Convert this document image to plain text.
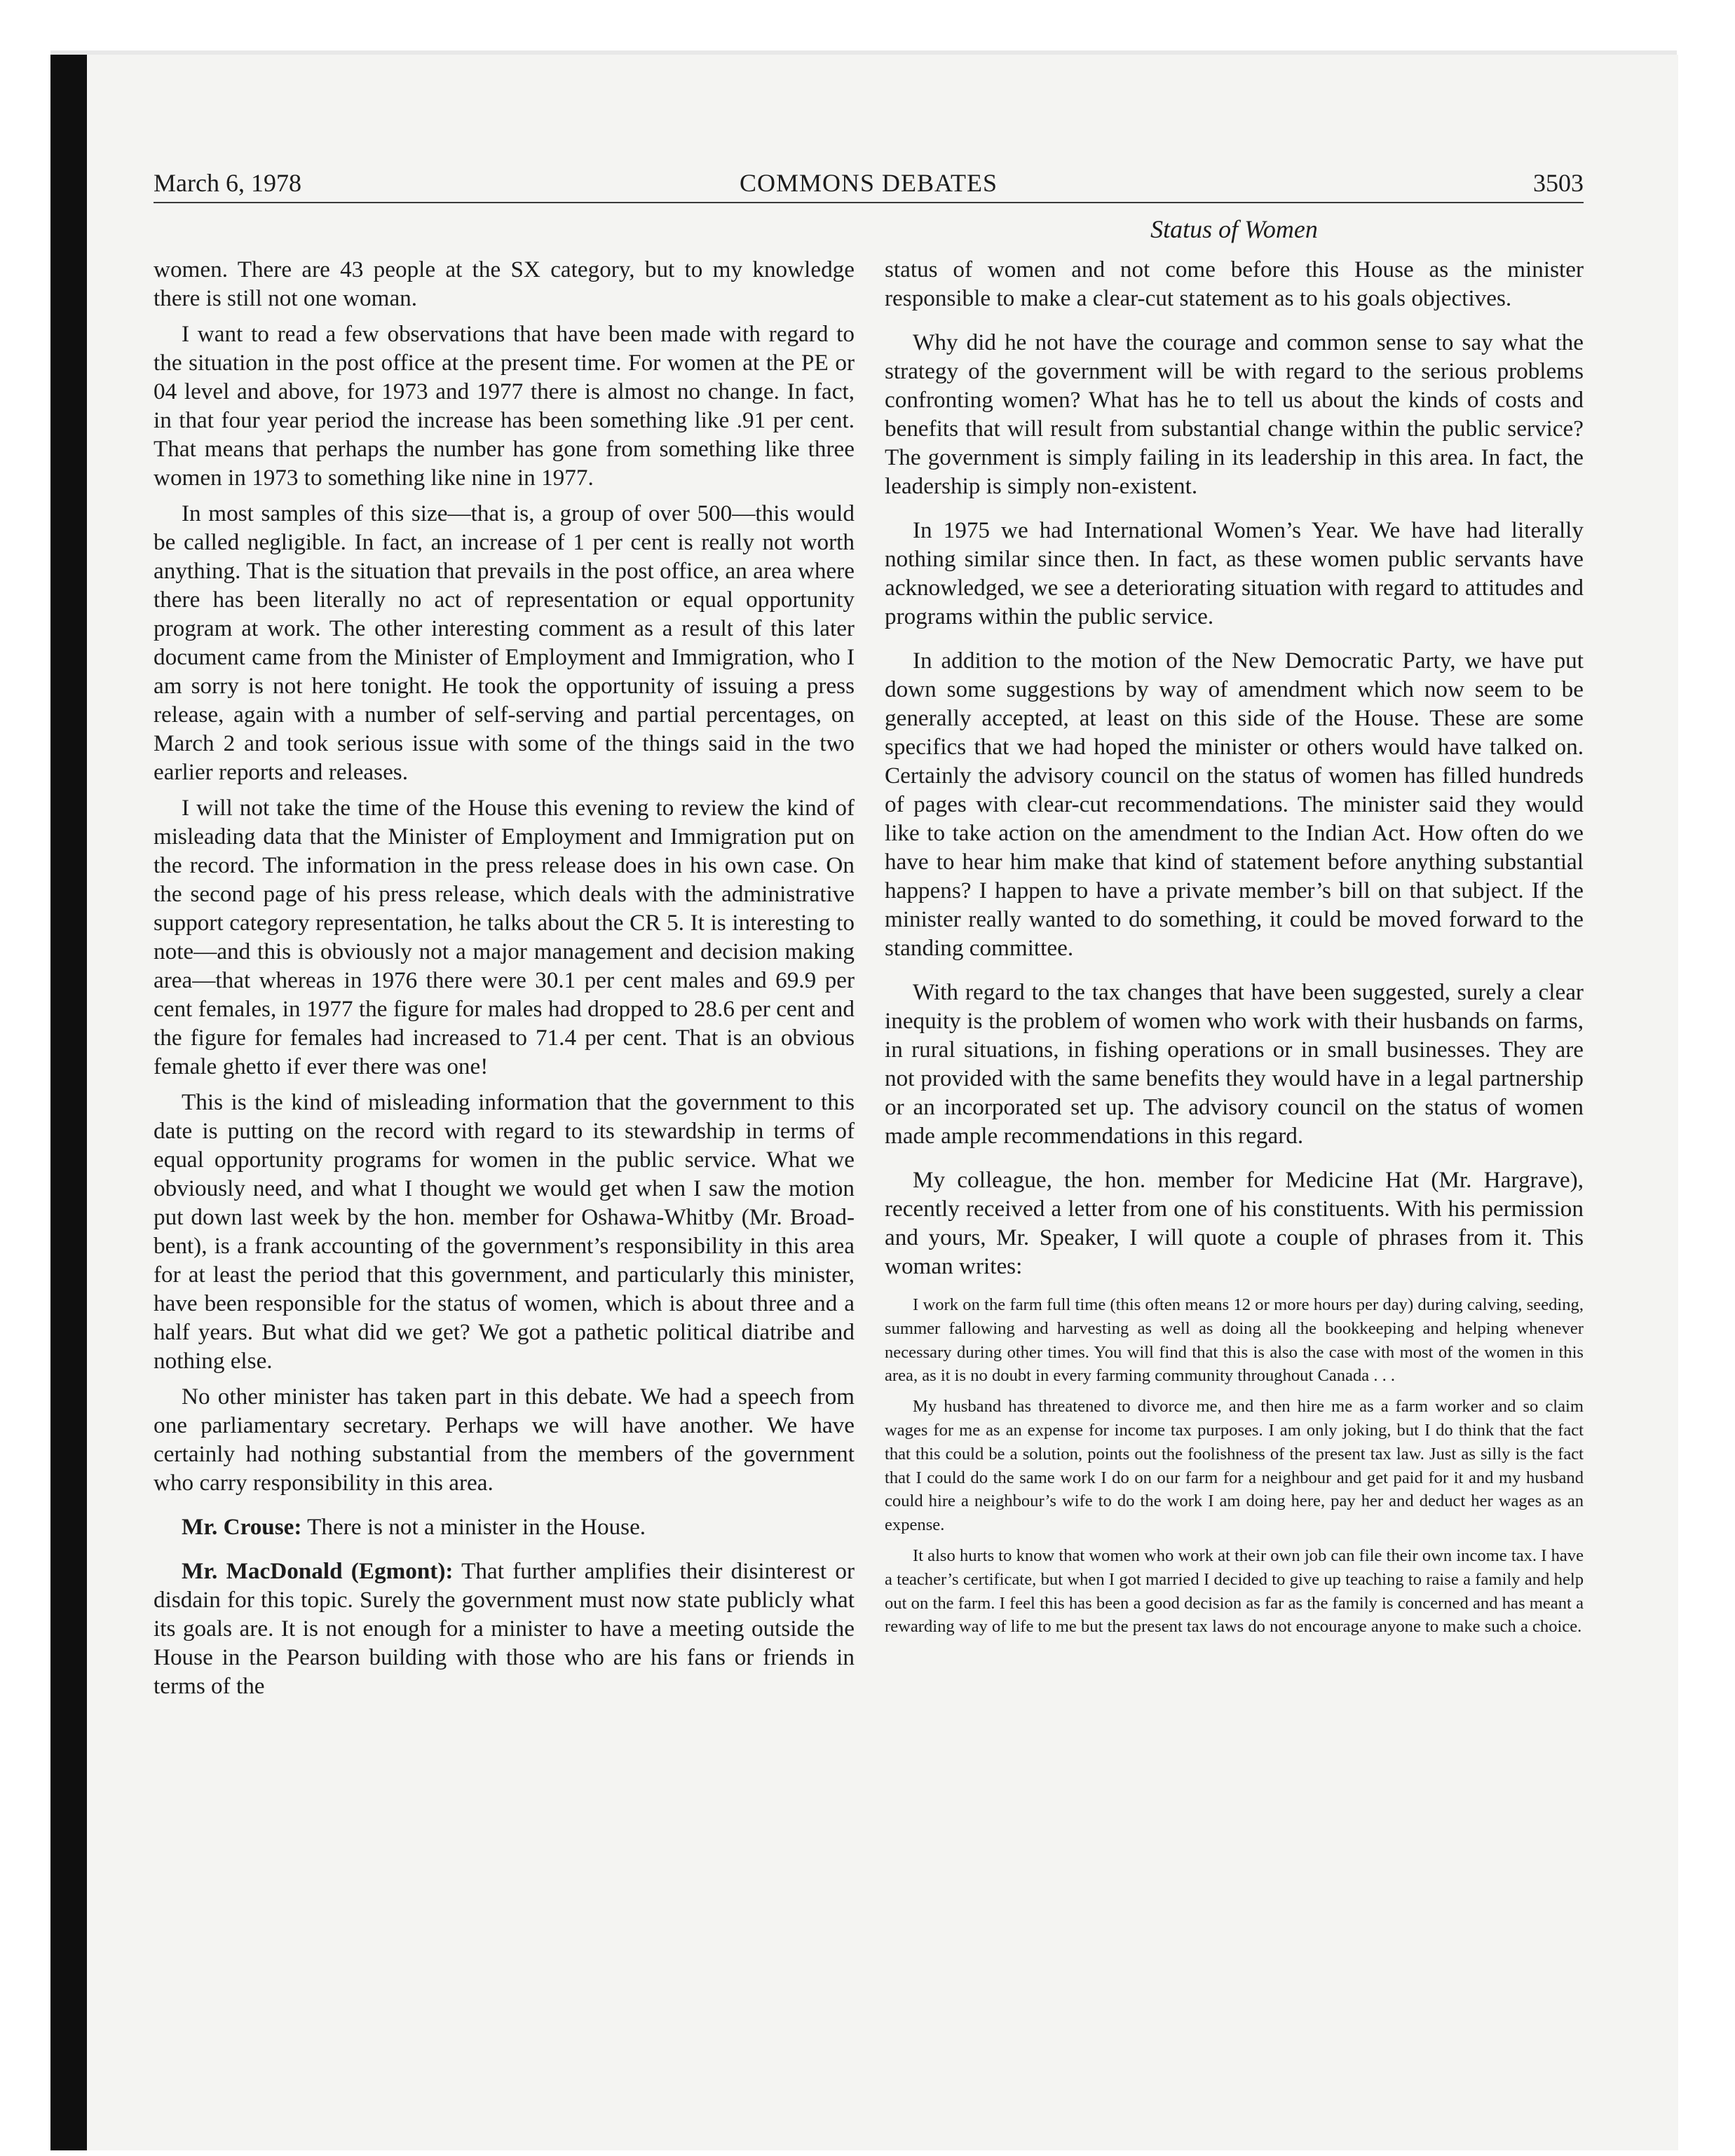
March 6, 1978	COMMONS DEBATES	3503
Status of Women

women. There are 43 people at the SX category, but to my knowledge there is still not one woman.

I want to read a few observations that have been made with regard to the situation in the post office at the present time. For women at the PE or 04 level and above, for 1973 and 1977 there is almost no change. In fact, in that four year period the increase has been something like .91 per cent. That means that perhaps the number has gone from something like three women in 1973 to something like nine in 1977.

In most samples of this size—that is, a group of over 500—this would be called negligible. In fact, an increase of 1 per cent is really not worth anything. That is the situation that prevails in the post office, an area where there has been literally no act of representation or equal opportunity program at work. The other interesting comment as a result of this later document came from the Minister of Employment and Immigration, who I am sorry is not here tonight. He took the opportunity of issuing a press release, again with a number of self-serving and partial percentages, on March 2 and took serious issue with some of the things said in the two earlier reports and releases.

I will not take the time of the House this evening to review the kind of misleading data that the Minister of Employment and Immigration put on the record. The information in the press release does in his own case. On the second page of his press release, which deals with the administrative support category representation, he talks about the CR 5. It is interesting to note—and this is obviously not a major management and decision making area—that whereas in 1976 there were 30.1 per cent males and 69.9 per cent females, in 1977 the figure for males had dropped to 28.6 per cent and the figure for females had increased to 71.4 per cent. That is an obvious female ghetto if ever there was one!

This is the kind of misleading information that the government to this date is putting on the record with regard to its stewardship in terms of equal opportunity programs for women in the public service. What we obviously need, and what I thought we would get when I saw the motion put down last week by the hon. member for Oshawa-Whitby (Mr. Broadbent), is a frank accounting of the government’s responsibility in this area for at least the period that this government, and particularly this minister, have been responsible for the status of women, which is about three and a half years. But what did we get? We got a pathetic political diatribe and nothing else.

No other minister has taken part in this debate. We had a speech from one parliamentary secretary. Perhaps we will have another. We have certainly had nothing substantial from the members of the government who carry responsibility in this area.

Mr. Crouse: There is not a minister in the House.

Mr. MacDonald (Egmont): That further amplifies their disinterest or disdain for this topic. Surely the government must now state publicly what its goals are. It is not enough for a minister to have a meeting outside the House in the Pearson building with those who are his fans or friends in terms of the

status of women and not come before this House as the minister responsible to make a clear-cut statement as to his goals objectives.

Why did he not have the courage and common sense to say what the strategy of the government will be with regard to the serious problems confronting women? What has he to tell us about the kinds of costs and benefits that will result from substantial change within the public service? The government is simply failing in its leadership in this area. In fact, the leadership is simply non-existent.

In 1975 we had International Women’s Year. We have had literally nothing similar since then. In fact, as these women public servants have acknowledged, we see a deteriorating situation with regard to attitudes and programs within the public service.

In addition to the motion of the New Democratic Party, we have put down some suggestions by way of amendment which now seem to be generally accepted, at least on this side of the House. These are some specifics that we had hoped the minister or others would have talked on. Certainly the advisory council on the status of women has filled hundreds of pages with clear-cut recommendations. The minister said they would like to take action on the amendment to the Indian Act. How often do we have to hear him make that kind of statement before anything substantial happens? I happen to have a private member’s bill on that subject. If the minister really wanted to do something, it could be moved forward to the standing committee.

With regard to the tax changes that have been suggested, surely a clear inequity is the problem of women who work with their husbands on farms, in rural situations, in fishing operations or in small businesses. They are not provided with the same benefits they would have in a legal partnership or an incorporated set up. The advisory council on the status of women made ample recommendations in this regard.

My colleague, the hon. member for Medicine Hat (Mr. Hargrave), recently received a letter from one of his constituents. With his permission and yours, Mr. Speaker, I will quote a couple of phrases from it. This woman writes:

I work on the farm full time (this often means 12 or more hours per day) during calving, seeding, summer fallowing and harvesting as well as doing all the bookkeeping and helping whenever necessary during other times. You will find that this is also the case with most of the women in this area, as it is no doubt in every farming community throughout Canada . . .

My husband has threatened to divorce me, and then hire me as a farm worker and so claim wages for me as an expense for income tax purposes. I am only joking, but I do think that the fact that this could be a solution, points out the foolishness of the present tax law. Just as silly is the fact that I could do the same work I do on our farm for a neighbour and get paid for it and my husband could hire a neighbour’s wife to do the work I am doing here, pay her and deduct her wages as an expense.

It also hurts to know that women who work at their own job can file their own income tax. I have a teacher’s certificate, but when I got married I decided to give up teaching to raise a family and help out on the farm. I feel this has been a good decision as far as the family is concerned and has meant a rewarding way of life to me but the present tax laws do not encourage anyone to make such a choice.
